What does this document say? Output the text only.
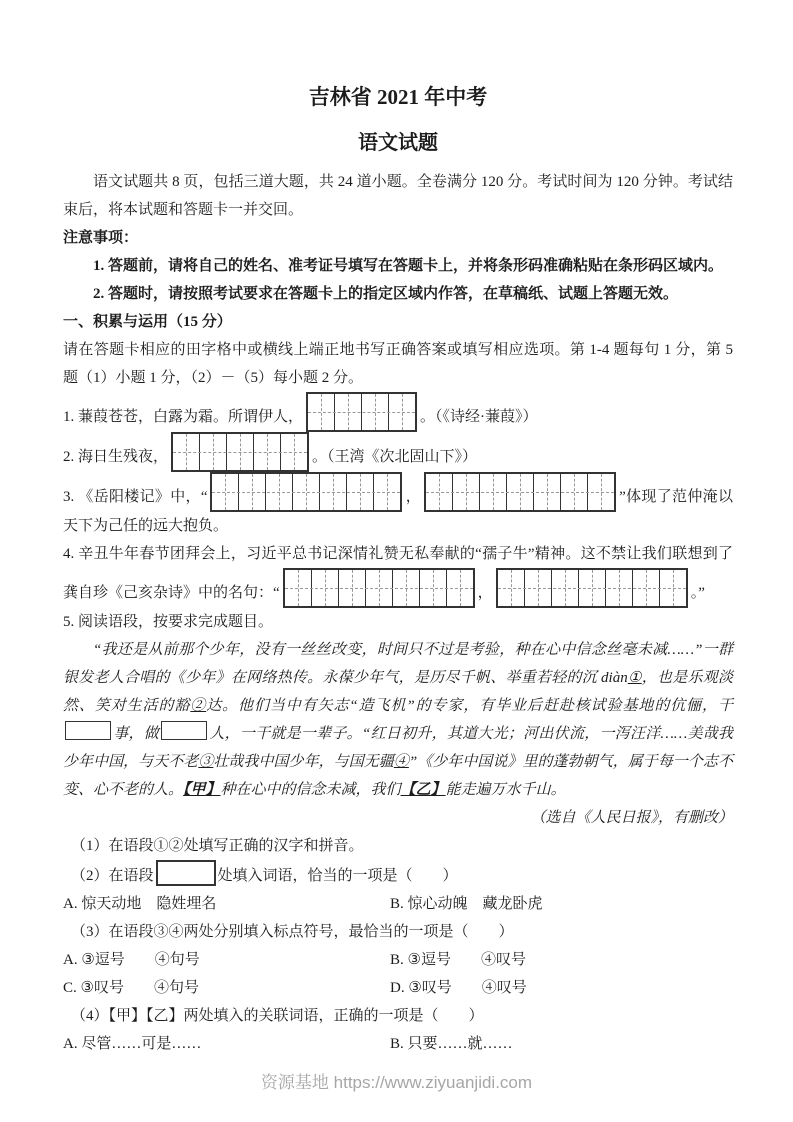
吉林省 2021 年中考
语文试题

语文试题共 8 页，包括三道大题，共 24 道小题。全卷满分 120 分。考试时间为 120 分钟。考试结束后，将本试题和答题卡一并交回。

注意事项：

1. 答题前，请将自己的姓名、准考证号填写在答题卡上，并将条形码准确粘贴在条形码区域内。

2. 答题时，请按照考试要求在答题卡上的指定区域内作答，在草稿纸、试题上答题无效。

一、积累与运用（15 分）

请在答题卡相应的田字格中或横线上端正地书写正确答案或填写相应选项。第 1-4 题每句 1 分，第 5 题（1）小题 1 分，（2）－（5）每小题 2 分。

1. 蒹葭苍苍，白露为霜。所谓伊人，	。（《诗经·蒹葭》）

2. 海日生残夜，	。（王湾《次北固山下》）

3. 《岳阳楼记》中，“	，	”体现了范仲淹以天下为己任的远大抱负。

4. 辛丑牛年春节团拜会上，习近平总书记深情礼赞无私奉献的“孺子牛”精神。这不禁让我们联想到了龚自珍《己亥杂诗》中的名句：“	，	。”

5. 阅读语段，按要求完成题目。

“我还是从前那个少年，没有一丝丝改变，时间只不过是考验，种在心中信念丝毫未减……”一群银发老人合唱的《少年》在网络热传。永葆少年气，是历尽千帆、举重若轻的沉 diàn①，也是乐观淡然、笑对生活的豁②达。他们当中有矢志“造飞机”的专家，有毕业后赶赴核试验基地的伉俪，干事，做	人，一干就是一辈子。“红日初升，其道大光；河出伏流，一泻汪洋……美哉我少年中国，与天不老③壮哉我中国少年，与国无疆④”《少年中国说》里的蓬勃朝气，属于每一个志不变、心不老的人。【甲】种在心中的信念未减，我们【乙】能走遍万水千山。

（选自《人民日报》，有删改）

（1）在语段①②处填写正确的汉字和拼音。

（2）在语段	处填入词语，恰当的一项是（　　）

A. 惊天动地　隐姓埋名	B. 惊心动魄　藏龙卧虎

（3）在语段③④两处分别填入标点符号，最恰当的一项是（　　）

A. ③逗号　　④句号	B. ③逗号　　④叹号
C. ③叹号　　④句号	D. ③叹号　　④叹号

（4）【甲】【乙】两处填入的关联词语，正确的一项是（　　）

A. 尽管……可是……	B. 只要……就……
资源基地 https://www.ziyuanjidi.com
